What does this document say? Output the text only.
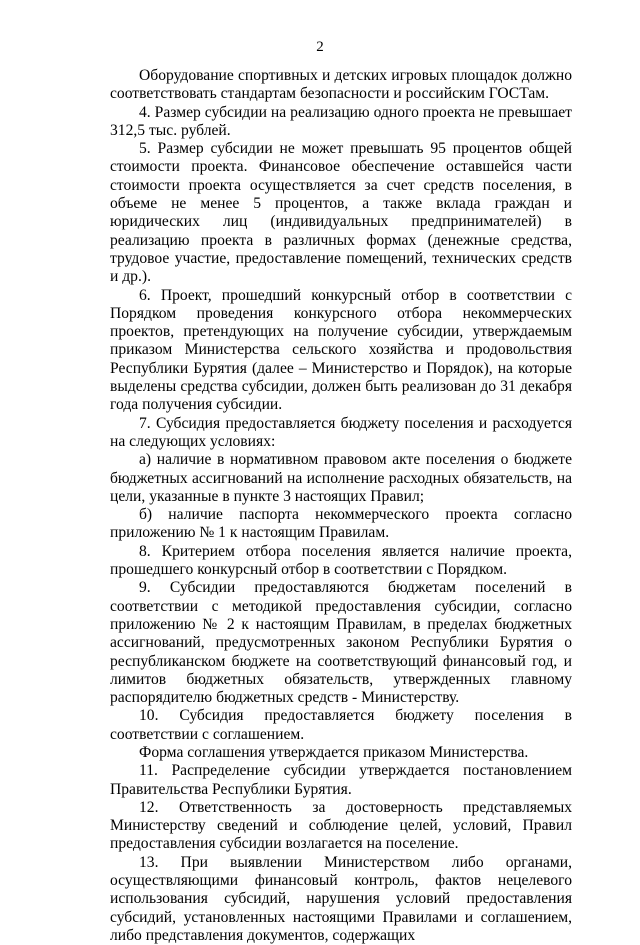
2

Оборудование спортивных и детских игровых площадок должно соответствовать стандартам безопасности и российским ГОСТам.

4. Размер субсидии на реализацию одного проекта не превышает 312,5 тыс. рублей.

5. Размер субсидии не может превышать 95 процентов общей стоимости проекта. Финансовое обеспечение оставшейся части стоимости проекта осуществляется за счет средств поселения, в объеме не менее 5 процентов, а также вклада граждан и юридических лиц (индивидуальных предпринимателей) в реализацию проекта в различных формах (денежные средства, трудовое участие, предоставление помещений, технических средств и др.).

6. Проект, прошедший конкурсный отбор в соответствии с Порядком проведения конкурсного отбора некоммерческих проектов, претендующих на получение субсидии, утверждаемым приказом Министерства сельского хозяйства и продовольствия Республики Бурятия (далее – Министерство и Порядок), на которые выделены средства субсидии, должен быть реализован до 31 декабря года получения субсидии.

7. Субсидия предоставляется бюджету поселения и расходуется на следующих условиях:

а) наличие в нормативном правовом акте поселения о бюджете бюджетных ассигнований на исполнение расходных обязательств, на цели, указанные в пункте 3 настоящих Правил;

б) наличие паспорта некоммерческого проекта согласно приложению № 1 к настоящим Правилам.

8. Критерием отбора поселения является наличие проекта, прошедшего конкурсный отбор в соответствии с Порядком.

9. Субсидии предоставляются бюджетам поселений в соответствии с методикой предоставления субсидии, согласно приложению № 2 к настоящим Правилам, в пределах бюджетных ассигнований, предусмотренных законом Республики Бурятия о республиканском бюджете на соответствующий финансовый год, и лимитов бюджетных обязательств, утвержденных главному распорядителю бюджетных средств - Министерству.

10. Субсидия предоставляется бюджету поселения в соответствии с соглашением.

Форма соглашения утверждается приказом Министерства.

11. Распределение субсидии утверждается постановлением Правительства Республики Бурятия.

12. Ответственность за достоверность представляемых Министерству сведений и соблюдение целей, условий, Правил предоставления субсидии возлагается на поселение.

13. При выявлении Министерством либо органами, осуществляющими финансовый контроль, фактов нецелевого использования субсидий, нарушения условий предоставления субсидий, установленных настоящими Правилами и соглашением, либо представления документов, содержащих
